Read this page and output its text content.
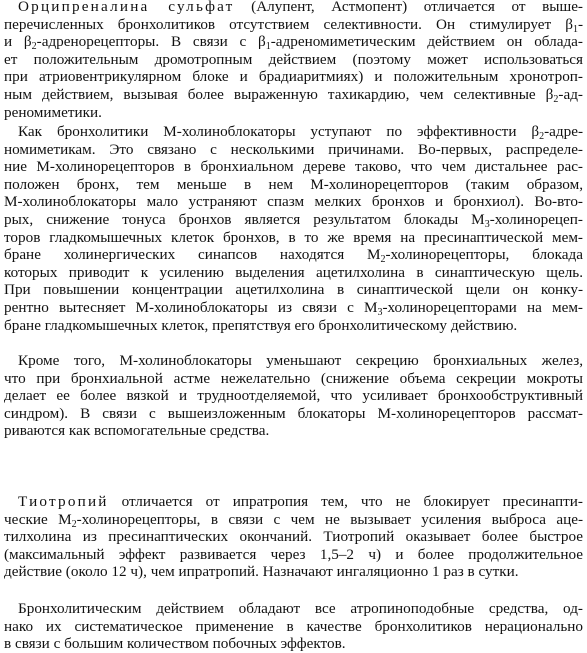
Орципреналина сульфат (Алупент, Астмопент) отличается от выше-
перечисленных бронхолитиков отсутствием селективности. Он стимулирует $\beta_1-$
и $\beta_2$-адренорецепторы. В связи с $\beta_1$-адреномиметическим действием он облада-
ет положительным дромотропным действием (поэтому может использоваться
при атриовентрикулярном блоке и брадиаритмиях) и положительным хронотроп-
ным действием, вызывая более выраженную тахикардию, чем селективные $\beta_2-ад-$
реномиметики.
Как бронхолитики М-холиноблокаторы уступают по эффективности $\beta_2-адре-$
номиметикам. Это связано с несколькими причинами. Во-первых, распределе-
ние М-холинорецепторов в бронхиальном дереве таково, что чем дистальнее рас-
положен бронх, тем меньше в нем М-холинорецепторов (таким образом,
М-холиноблокаторы мало устраняют спазм мелких бронхов и бронхиол). Во-вто-
рых, снижение тонуса бронхов является результатом блокады $М_3-холинорецеп-$
торов гладкомышечных клеток бронхов, в то же время на пресинаптической мем-
бране холинергических синапсов находятся $М_2$-холинорецепторы, блокада
которых приводит к усилению выделения ацетилхолина в синаптическую щель.
При повышении концентрации ацетилхолина в синаптической щели он конку-
рентно вытесняет М-холиноблокаторы из связи с $М_3$-холинорецепторами на мем-
бране гладкомышечных клеток, препятствуя его бронхолитическому действию.
Кроме того, М-холиноблокаторы уменьшают секрецию бронхиальных желез,
что при бронхиальной астме нежелательно (снижение объема секреции мокроты
делает ее более вязкой и трудноотделяемой, что усиливает бронхообструктивный
синдром). В связи с вышеизложенным блокаторы М-холинорецепторов рассмат-
риваются как вспомогательные средства.
Тиотропий отличается от ипратропия тем, что не блокирует пресинапти-
ческие $М_2$-холинорецепторы, в связи с чем не вызывает усиления выброса аце-
тилхолина из пресинаптических окончаний. Тиотропий оказывает более быстрое
(максимальный эффект развивается через 1,5–2 ч) и более продолжительное
действие (около 12 ч), чем ипратропий. Назначают ингаляционно 1 раз в сутки.
Бронхолитическим действием обладают все атропиноподобные средства, од-
нако их систематическое применение в качестве бронхолитиков нерационально
в связи с большим количеством побочных эффектов.
